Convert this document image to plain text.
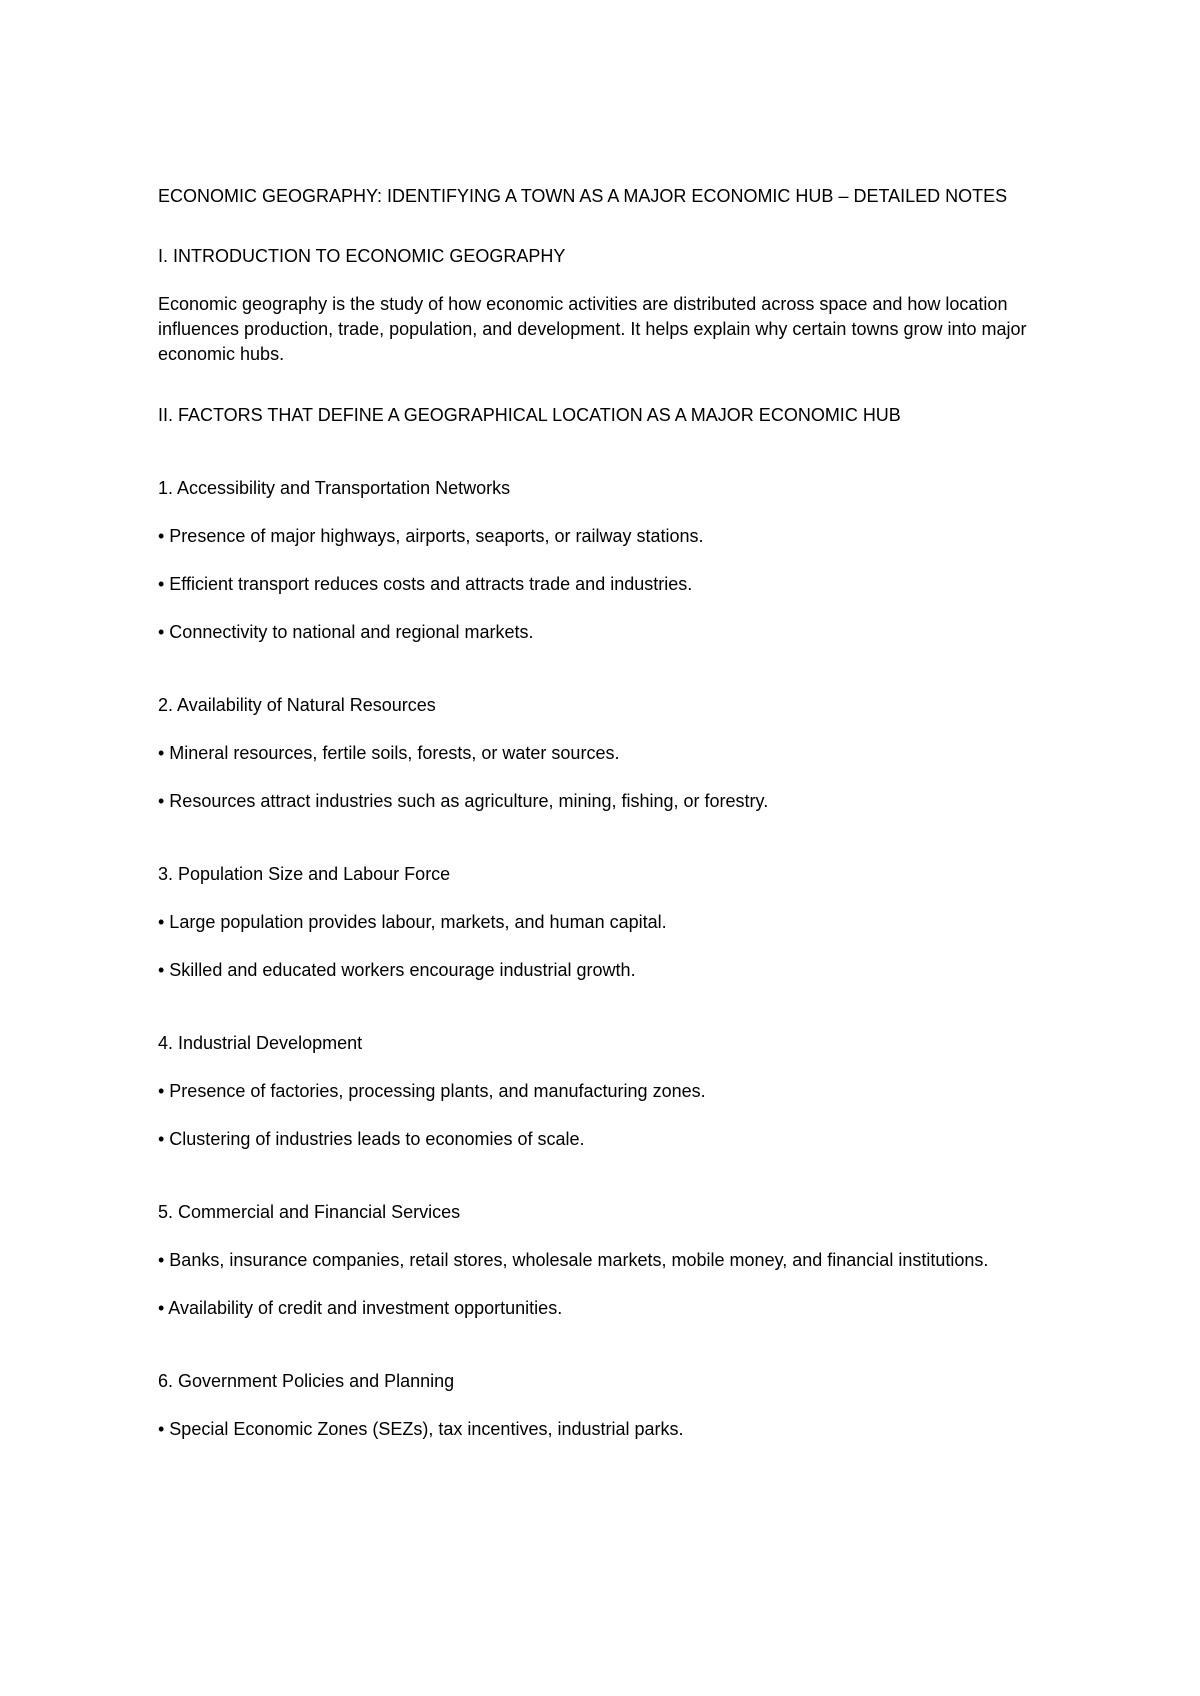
ECONOMIC GEOGRAPHY: IDENTIFYING A TOWN AS A MAJOR ECONOMIC HUB – DETAILED NOTES
I. INTRODUCTION TO ECONOMIC GEOGRAPHY

Economic geography is the study of how economic activities are distributed across space and how location influences production, trade, population, and development. It helps explain why certain towns grow into major economic hubs.

II. FACTORS THAT DEFINE A GEOGRAPHICAL LOCATION AS A MAJOR ECONOMIC HUB
1. Accessibility and Transportation Networks

• Presence of major highways, airports, seaports, or railway stations.

• Efficient transport reduces costs and attracts trade and industries.

• Connectivity to national and regional markets.

2. Availability of Natural Resources

• Mineral resources, fertile soils, forests, or water sources.

• Resources attract industries such as agriculture, mining, fishing, or forestry.

3. Population Size and Labour Force

• Large population provides labour, markets, and human capital.

• Skilled and educated workers encourage industrial growth.

4. Industrial Development

• Presence of factories, processing plants, and manufacturing zones.

• Clustering of industries leads to economies of scale.

5. Commercial and Financial Services

• Banks, insurance companies, retail stores, wholesale markets, mobile money, and financial institutions.

• Availability of credit and investment opportunities.

6. Government Policies and Planning

• Special Economic Zones (SEZs), tax incentives, industrial parks.
